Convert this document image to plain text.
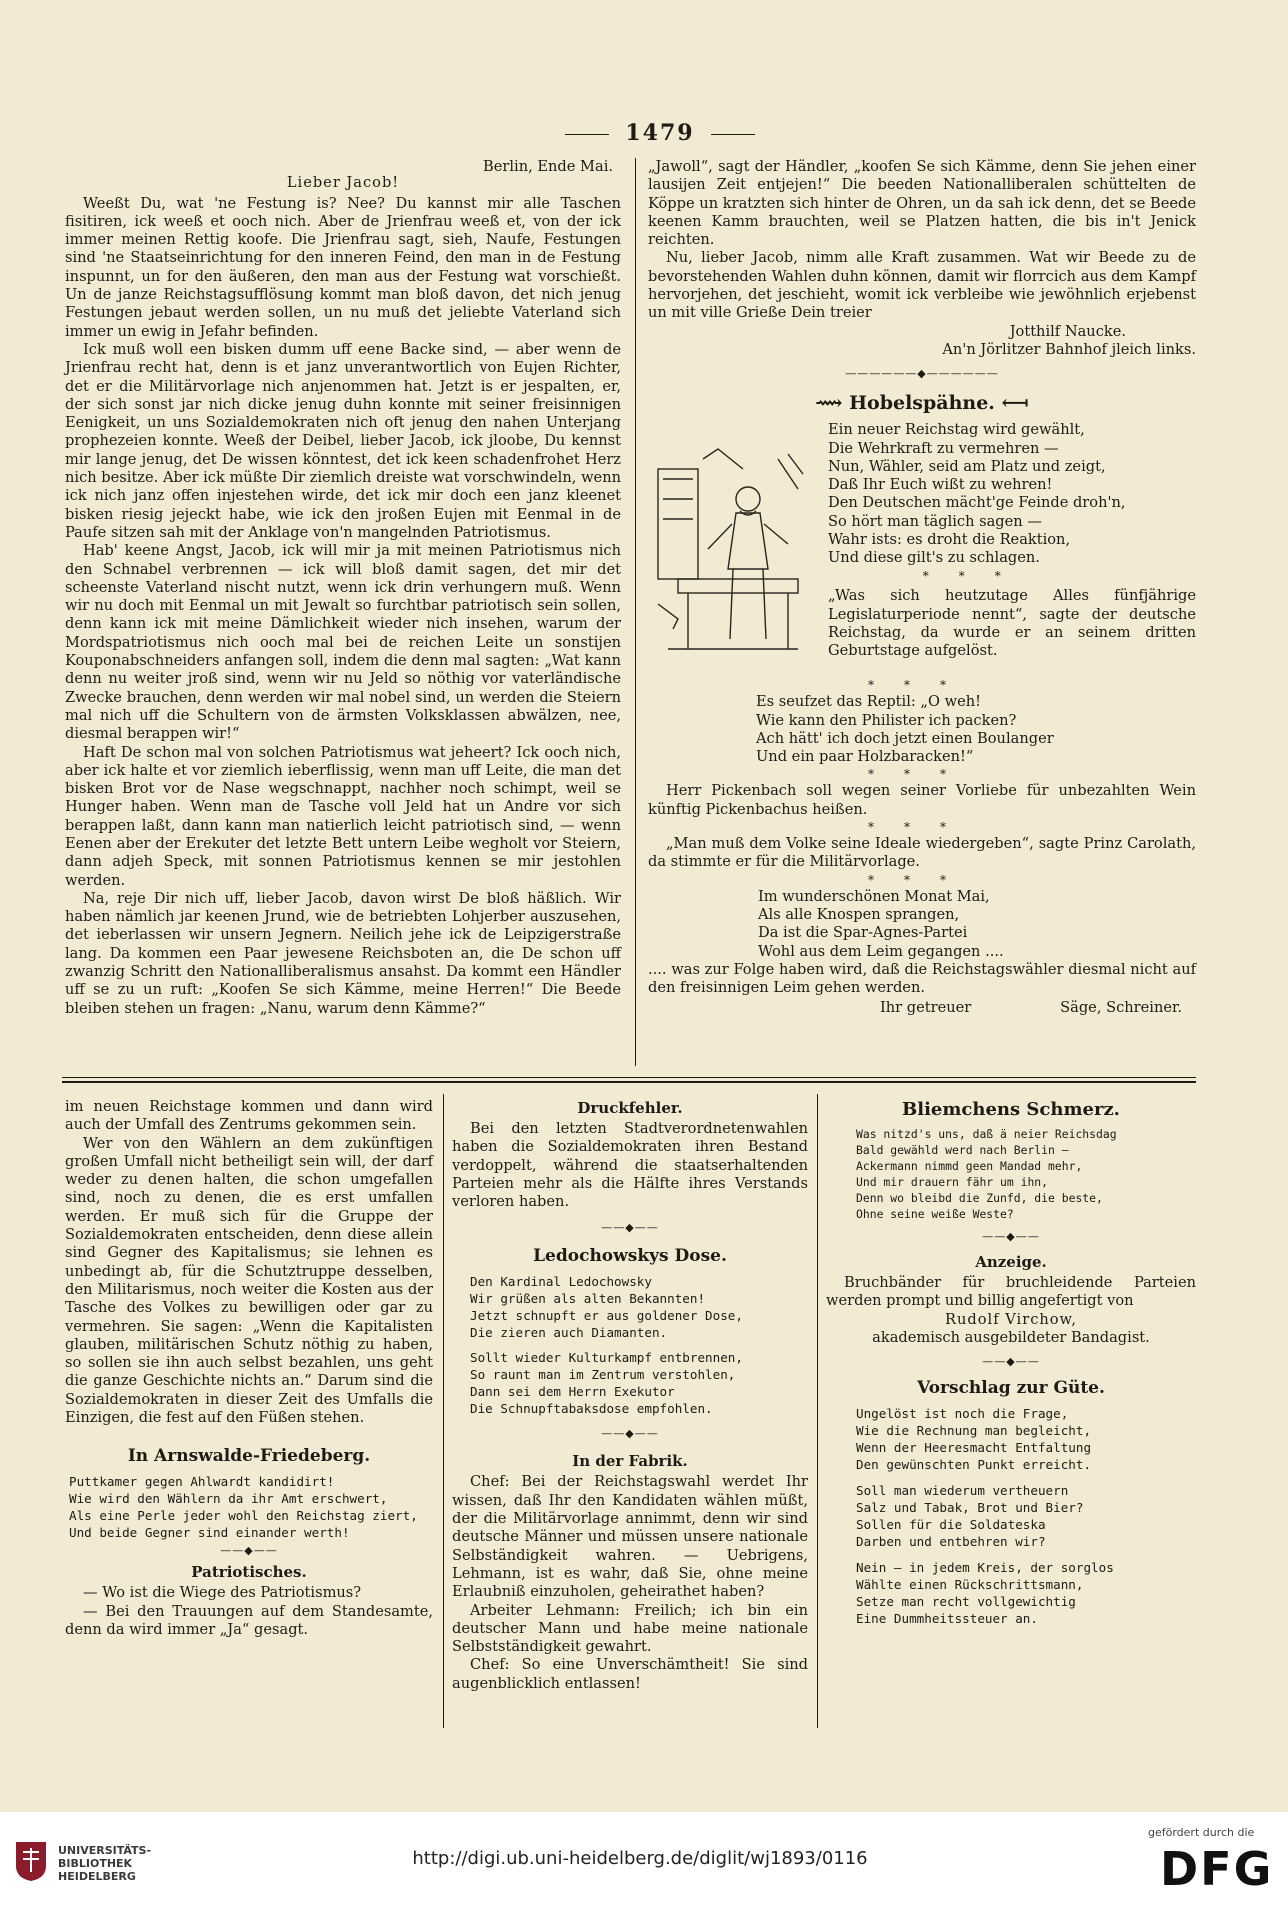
1479
Berlin, Ende Mai.
Lieber Jacob!

Weeßt Du, wat 'ne Festung is? Nee? Du kannst mir alle Taschen fisitiren, ick weeß et ooch nich. Aber de Jrienfrau weeß et, von der ick immer meinen Rettig koofe. Die Jrienfrau sagt, sieh, Naufe, Festungen sind 'ne Staatseinrichtung for den inneren Feind, den man in de Festung inspunnt, un for den äußeren, den man aus der Festung wat vorschießt. Un de janze Reichstagsufflösung kommt man bloß davon, det nich jenug Festungen jebaut werden sollen, un nu muß det jeliebte Vaterland sich immer un ewig in Jefahr befinden.

Ick muß woll een bisken dumm uff eene Backe sind, — aber wenn de Jrienfrau recht hat, denn is et janz unverantwortlich von Eujen Richter, det er die Militärvorlage nich anjenommen hat. Jetzt is er jespalten, er, der sich sonst jar nich dicke jenug duhn konnte mit seiner freisinnigen Eenigkeit, un uns Sozialdemokraten nich oft jenug den nahen Unterjang prophezeien konnte. Weeß der Deibel, lieber Jacob, ick jloobe, Du kennst mir lange jenug, det De wissen könntest, det ick keen schadenfrohet Herz nich besitze. Aber ick müßte Dir ziemlich dreiste wat vorschwindeln, wenn ick nich janz offen injestehen wirde, det ick mir doch een janz kleenet bisken riesig jejeckt habe, wie ick den jroßen Eujen mit Eenmal in de Paufe sitzen sah mit der Anklage von'n mangelnden Patriotismus.

Hab' keene Angst, Jacob, ick will mir ja mit meinen Patriotismus nich den Schnabel verbrennen — ick will bloß damit sagen, det mir det scheenste Vaterland nischt nutzt, wenn ick drin verhungern muß. Wenn wir nu doch mit Eenmal un mit Jewalt so furchtbar patriotisch sein sollen, denn kann ick mit meine Dämlichkeit wieder nich insehen, warum der Mordspatriotismus nich ooch mal bei de reichen Leite un sonstijen Kouponabschneiders anfangen soll, indem die denn mal sagten: „Wat kann denn nu weiter jroß sind, wenn wir nu Jeld so nöthig vor vaterländische Zwecke brauchen, denn werden wir mal nobel sind, un werden die Steiern mal nich uff die Schultern von de ärmsten Volksklassen abwälzen, nee, diesmal berappen wir!“

Haft De schon mal von solchen Patriotismus wat jeheert? Ick ooch nich, aber ick halte et vor ziemlich ieberflissig, wenn man uff Leite, die man det bisken Brot vor de Nase wegschnappt, nachher noch schimpt, weil se Hunger haben. Wenn man de Tasche voll Jeld hat un Andre vor sich berappen laßt, dann kann man natierlich leicht patriotisch sind, — wenn Eenen aber der Erekuter det letzte Bett untern Leibe wegholt vor Steiern, dann adjeh Speck, mit sonnen Patriotismus kennen se mir jestohlen werden.

Na, reje Dir nich uff, lieber Jacob, davon wirst De bloß häßlich. Wir haben nämlich jar keenen Jrund, wie de betriebten Lohjerber auszusehen, det ieberlassen wir unsern Jegnern. Neilich jehe ick de Leipzigerstraße lang. Da kommen een Paar jewesene Reichsboten an, die De schon uff zwanzig Schritt den Nationalliberalismus ansahst. Da kommt een Händler uff se zu un ruft: „Koofen Se sich Kämme, meine Herren!“ Die Beede bleiben stehen un fragen: „Nanu, warum denn Kämme?“

„Jawoll“, sagt der Händler, „koofen Se sich Kämme, denn Sie jehen einer lausijen Zeit entjejen!“ Die beeden Nationalliberalen schüttelten de Köppe un kratzten sich hinter de Ohren, un da sah ick denn, det se Beede keenen Kamm brauchten, weil se Platzen hatten, die bis in't Jenick reichten.

Nu, lieber Jacob, nimm alle Kraft zusammen. Wat wir Beede zu de bevorstehenden Wahlen duhn können, damit wir florrcich aus dem Kampf hervorjehen, det jeschieht, womit ick verbleibe wie jewöhnlich erjebenst un mit ville Grieße Dein treier

Jotthilf Naucke.
An'n Jörlitzer Bahnhof jleich links.
——————◆——————
⟿ Hobelspähne. ⟻
Ein neuer Reichstag wird gewählt,
Die Wehrkraft zu vermehren —
Nun, Wähler, seid am Platz und zeigt,
Daß Ihr Euch wißt zu wehren!
Den Deutschen mächt'ge Feinde droh'n,
So hört man täglich sagen —
Wahr ists: es droht die Reaktion,
Und diese gilt's zu schlagen.
***
„Was sich heutzutage Alles fünfjährige Legislaturperiode nennt“, sagte der deutsche Reichstag, da wurde er an seinem dritten Geburtstage aufgelöst.
***
Es seufzet das Reptil: „O weh!
Wie kann den Philister ich packen?
Ach hätt' ich doch jetzt einen Boulanger
Und ein paar Holzbaracken!“
***

Herr Pickenbach soll wegen seiner Vorliebe für unbezahlten Wein künftig Pickenbachus heißen.

***

„Man muß dem Volke seine Ideale wiedergeben“, sagte Prinz Carolath, da stimmte er für die Militärvorlage.

***
Im wunderschönen Monat Mai,
Als alle Knospen sprangen,
Da ist die Spar-Agnes-Partei
Wohl aus dem Leim gegangen ....

.... was zur Folge haben wird, daß die Reichstagswähler diesmal nicht auf den freisinnigen Leim gehen werden.

Ihr getreuer	Säge, Schreiner.

im neuen Reichstage kommen und dann wird auch der Umfall des Zentrums gekommen sein.

Wer von den Wählern an dem zukünftigen großen Umfall nicht betheiligt sein will, der darf weder zu denen halten, die schon umgefallen sind, noch zu denen, die es erst umfallen werden. Er muß sich für die Gruppe der Sozialdemokraten entscheiden, denn diese allein sind Gegner des Kapitalismus; sie lehnen es unbedingt ab, für die Schutztruppe desselben, den Militarismus, noch weiter die Kosten aus der Tasche des Volkes zu bewilligen oder gar zu vermehren. Sie sagen: „Wenn die Kapitalisten glauben, militärischen Schutz nöthig zu haben, so sollen sie ihn auch selbst bezahlen, uns geht die ganze Geschichte nichts an.“ Darum sind die Sozialdemokraten in dieser Zeit des Umfalls die Einzigen, die fest auf den Füßen stehen.

In Arnswalde-Friedeberg.
Puttkamer gegen Ahlwardt kandidirt!
Wie wird den Wählern da ihr Amt erschwert,
Als eine Perle jeder wohl den Reichstag ziert,
Und beide Gegner sind einander werth!
——◆——
Patriotisches.

— Wo ist die Wiege des Patriotismus?

— Bei den Trauungen auf dem Standesamte, denn da wird immer „Ja“ gesagt.

Druckfehler.

Bei den letzten Stadtverordnetenwahlen haben die Sozialdemokraten ihren Bestand verdoppelt, während die staatserhaltenden Parteien mehr als die Hälfte ihres Verstands verloren haben.

——◆——
Ledochowskys Dose.
Den Kardinal Ledochowsky
Wir grüßen als alten Bekannten!
Jetzt schnupft er aus goldener Dose,
Die zieren auch Diamanten.
Sollt wieder Kulturkampf entbrennen,
So raunt man im Zentrum verstohlen,
Dann sei dem Herrn Exekutor
Die Schnupftabaksdose empfohlen.
——◆——
In der Fabrik.

Chef: Bei der Reichstagswahl werdet Ihr wissen, daß Ihr den Kandidaten wählen müßt, der die Militärvorlage annimmt, denn wir sind deutsche Männer und müssen unsere nationale Selbständigkeit wahren. — Uebrigens, Lehmann, ist es wahr, daß Sie, ohne meine Erlaubniß einzuholen, geheirathet haben?

Arbeiter Lehmann: Freilich; ich bin ein deutscher Mann und habe meine nationale Selbstständigkeit gewahrt.

Chef: So eine Unverschämtheit! Sie sind augenblicklich entlassen!

Bliemchens Schmerz.
Was nitzd's uns, daß ä neier Reichsdag
Bald gewähld werd nach Berlin —
Ackermann nimmd geen Mandad mehr,
Und mir drauern fähr um ihn,
Denn wo bleibd die Zunfd, die beste,
Ohne seine weiße Weste?
——◆——
Anzeige.

Bruchbänder für bruchleidende Parteien werden prompt und billig angefertigt von

Rudolf Virchow,
akademisch ausgebildeter Bandagist.
——◆——
Vorschlag zur Güte.
Ungelöst ist noch die Frage,
Wie die Rechnung man begleicht,
Wenn der Heeresmacht Entfaltung
Den gewünschten Punkt erreicht.
Soll man wiederum vertheuern
Salz und Tabak, Brot und Bier?
Sollen für die Soldateska
Darben und entbehren wir?
Nein — in jedem Kreis, der sorglos
Wählte einen Rückschrittsmann,
Setze man recht vollgewichtig
Eine Dummheitssteuer an.
UNIVERSITÄTS-
BIBLIOTHEK
HEIDELBERG
http://digi.ub.uni-heidelberg.de/diglit/wj1893/0116
gefördert durch die
DFG
